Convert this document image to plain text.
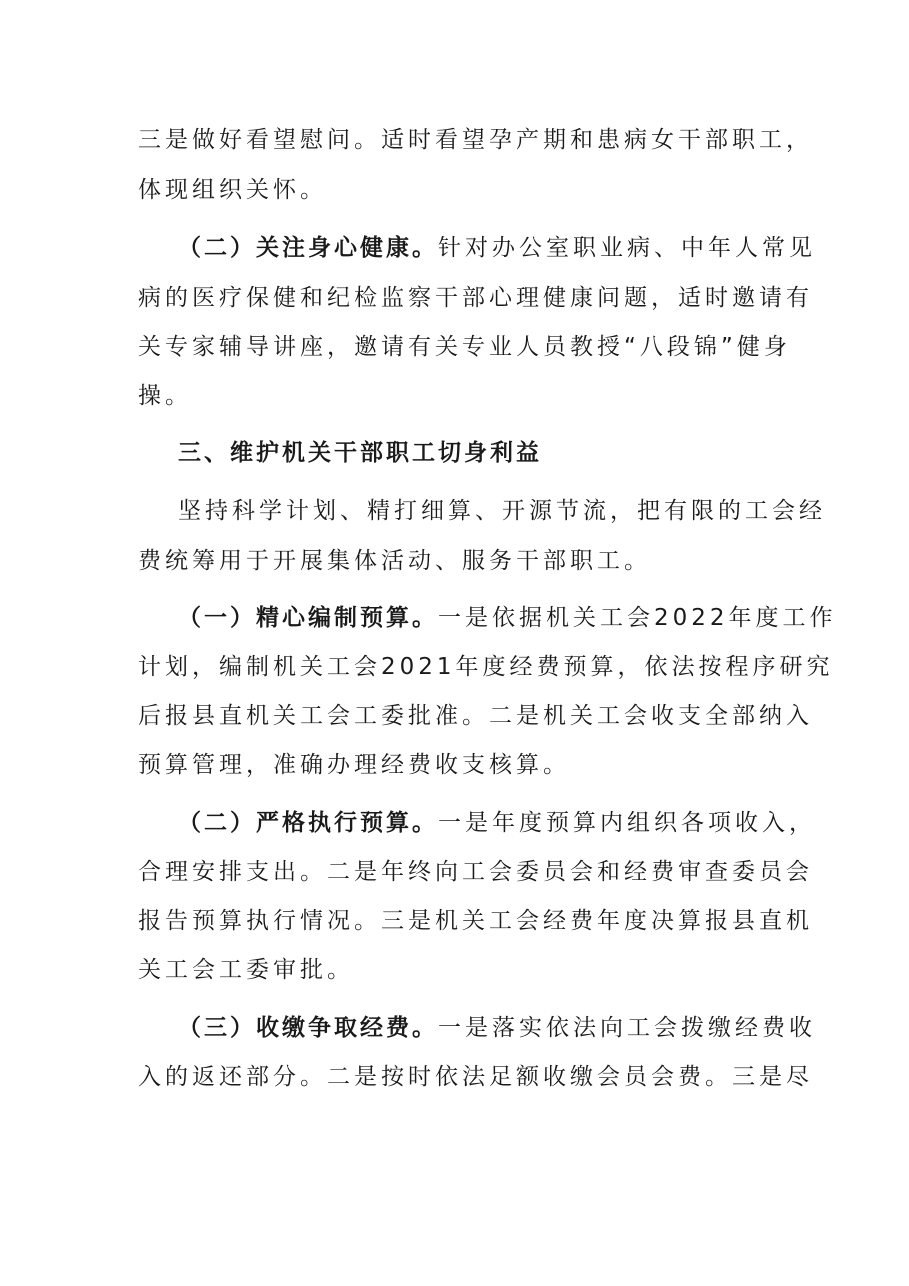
三是做好看望慰问。适时看望孕产期和患病女干部职工，
体现组织关怀。
（二）关注身心健康。针对办公室职业病、中年人常见
病的医疗保健和纪检监察干部心理健康问题，适时邀请有
关专家辅导讲座，邀请有关专业人员教授“八段锦”健身
操。
三、维护机关干部职工切身利益
坚持科学计划、精打细算、开源节流，把有限的工会经
费统筹用于开展集体活动、服务干部职工。
（一）精心编制预算。一是依据机关工会2022年度工作
计划，编制机关工会2021年度经费预算，依法按程序研究
后报县直机关工会工委批准。二是机关工会收支全部纳入
预算管理，准确办理经费收支核算。
（二）严格执行预算。一是年度预算内组织各项收入，
合理安排支出。二是年终向工会委员会和经费审查委员会
报告预算执行情况。三是机关工会经费年度决算报县直机
关工会工委审批。
（三）收缴争取经费。一是落实依法向工会拨缴经费收
入的返还部分。二是按时依法足额收缴会员会费。三是尽
